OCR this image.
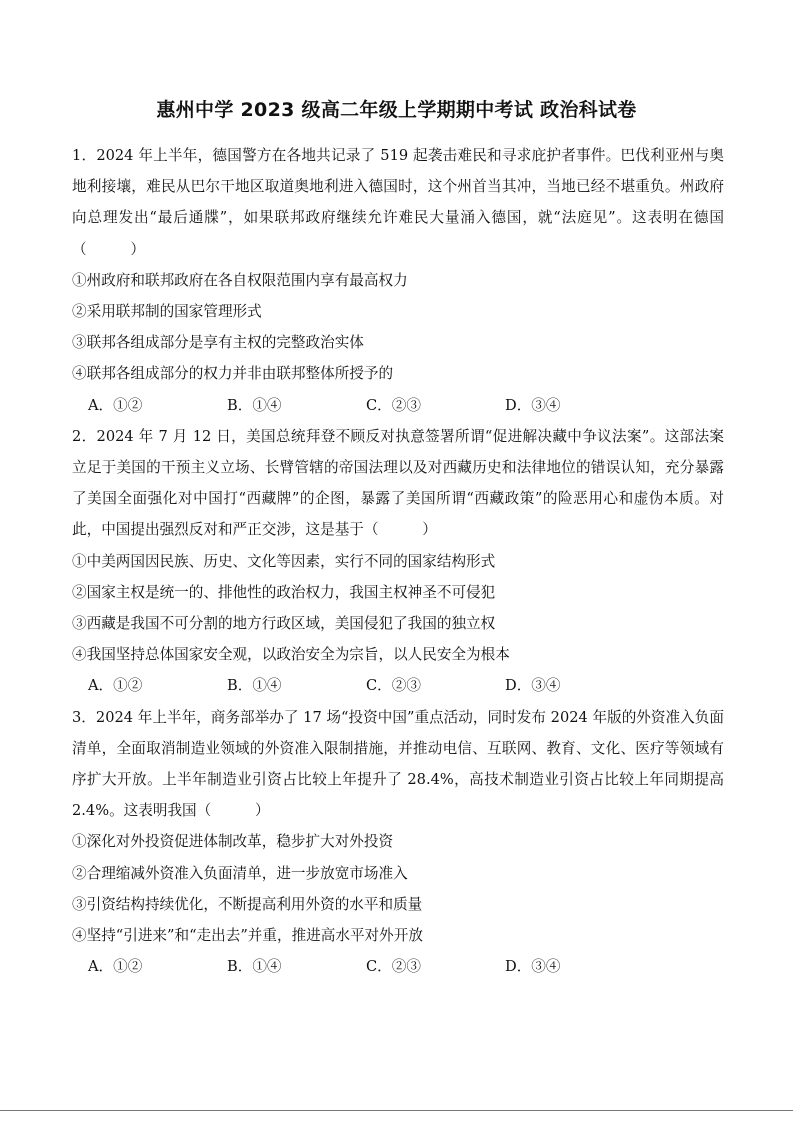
惠州中学 2023 级高二年级上学期期中考试 政治科试卷

1．2024 年上半年，德国警方在各地共记录了 519 起袭击难民和寻求庇护者事件。巴伐利亚州与奥地利接壤，难民从巴尔干地区取道奥地利进入德国时，这个州首当其冲，当地已经不堪重负。州政府向总理发出“最后通牒”，如果联邦政府继续允许难民大量涌入德国，就“法庭见”。这表明在德国（　　　）

①州政府和联邦政府在各自权限范围内享有最高权力

②采用联邦制的国家管理形式

③联邦各组成部分是享有主权的完整政治实体

④联邦各组成部分的权力并非由联邦整体所授予的

A．①②	B．①④	C．②③	D．③④

2．2024 年 7 月 12 日，美国总统拜登不顾反对执意签署所谓“促进解决藏中争议法案”。这部法案立足于美国的干预主义立场、长臂管辖的帝国法理以及对西藏历史和法律地位的错误认知，充分暴露了美国全面强化对中国打“西藏牌”的企图，暴露了美国所谓“西藏政策”的险恶用心和虚伪本质。对此，中国提出强烈反对和严正交涉，这是基于（　　　）

①中美两国因民族、历史、文化等因素，实行不同的国家结构形式

②国家主权是统一的、排他性的政治权力，我国主权神圣不可侵犯

③西藏是我国不可分割的地方行政区域，美国侵犯了我国的独立权

④我国坚持总体国家安全观，以政治安全为宗旨，以人民安全为根本

A．①②	B．①④	C．②③	D．③④

3．2024 年上半年，商务部举办了 17 场“投资中国”重点活动，同时发布 2024 年版的外资准入负面清单，全面取消制造业领域的外资准入限制措施，并推动电信、互联网、教育、文化、医疗等领域有序扩大开放。上半年制造业引资占比较上年提升了 28.4%，高技术制造业引资占比较上年同期提高 2.4%。这表明我国（　　　）

①深化对外投资促进体制改革，稳步扩大对外投资

②合理缩减外资准入负面清单，进一步放宽市场准入

③引资结构持续优化，不断提高利用外资的水平和质量

④坚持“引进来”和“走出去”并重，推进高水平对外开放

A．①②	B．①④	C．②③	D．③④
